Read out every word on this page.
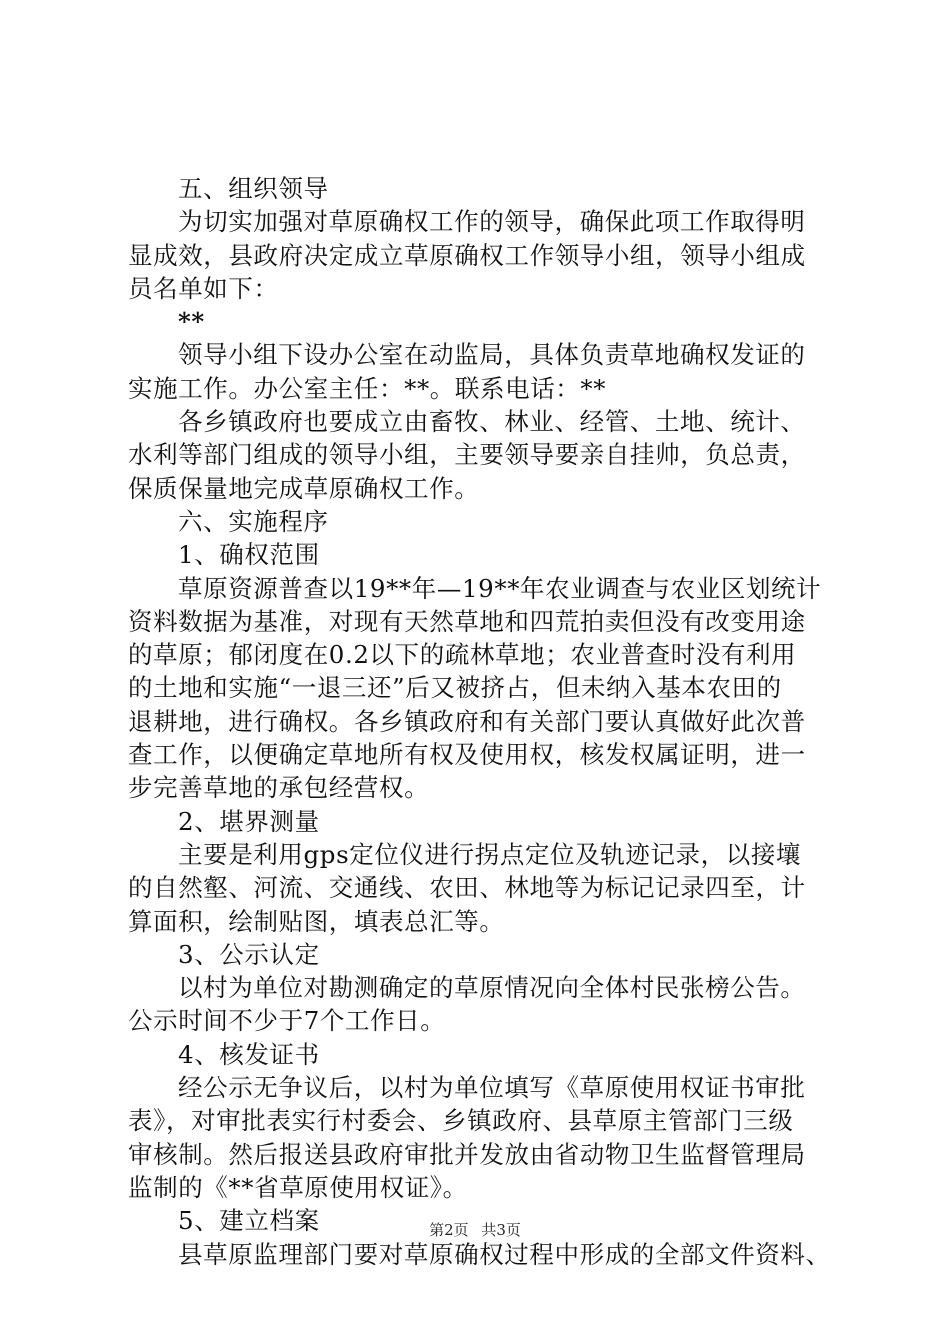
五、组织领导
为切实加强对草原确权工作的领导，确保此项工作取得明
显成效，县政府决定成立草原确权工作领导小组，领导小组成
员名单如下：
**
领导小组下设办公室在动监局，具体负责草地确权发证的
实施工作。办公室主任：**。联系电话：**
各乡镇政府也要成立由畜牧、林业、经管、土地、统计、
水利等部门组成的领导小组，主要领导要亲自挂帅，负总责，
保质保量地完成草原确权工作。
六、实施程序
1、确权范围
草原资源普查以19**年—19**年农业调查与农业区划统计
资料数据为基准，对现有天然草地和四荒拍卖但没有改变用途
的草原；郁闭度在0.2以下的疏林草地；农业普查时没有利用
的土地和实施“一退三还”后又被挤占，但未纳入基本农田的
退耕地，进行确权。各乡镇政府和有关部门要认真做好此次普
查工作，以便确定草地所有权及使用权，核发权属证明，进一
步完善草地的承包经营权。
2、堪界测量
主要是利用gps定位仪进行拐点定位及轨迹记录，以接壤
的自然壑、河流、交通线、农田、林地等为标记记录四至，计
算面积，绘制贴图，填表总汇等。
3、公示认定
以村为单位对勘测确定的草原情况向全体村民张榜公告。
公示时间不少于7个工作日。
4、核发证书
经公示无争议后，以村为单位填写《草原使用权证书审批
表》，对审批表实行村委会、乡镇政府、县草原主管部门三级
审核制。然后报送县政府审批并发放由省动物卫生监督管理局
监制的《**省草原使用权证》。
5、建立档案
县草原监理部门要对草原确权过程中形成的全部文件资料、
第2页 共3页
